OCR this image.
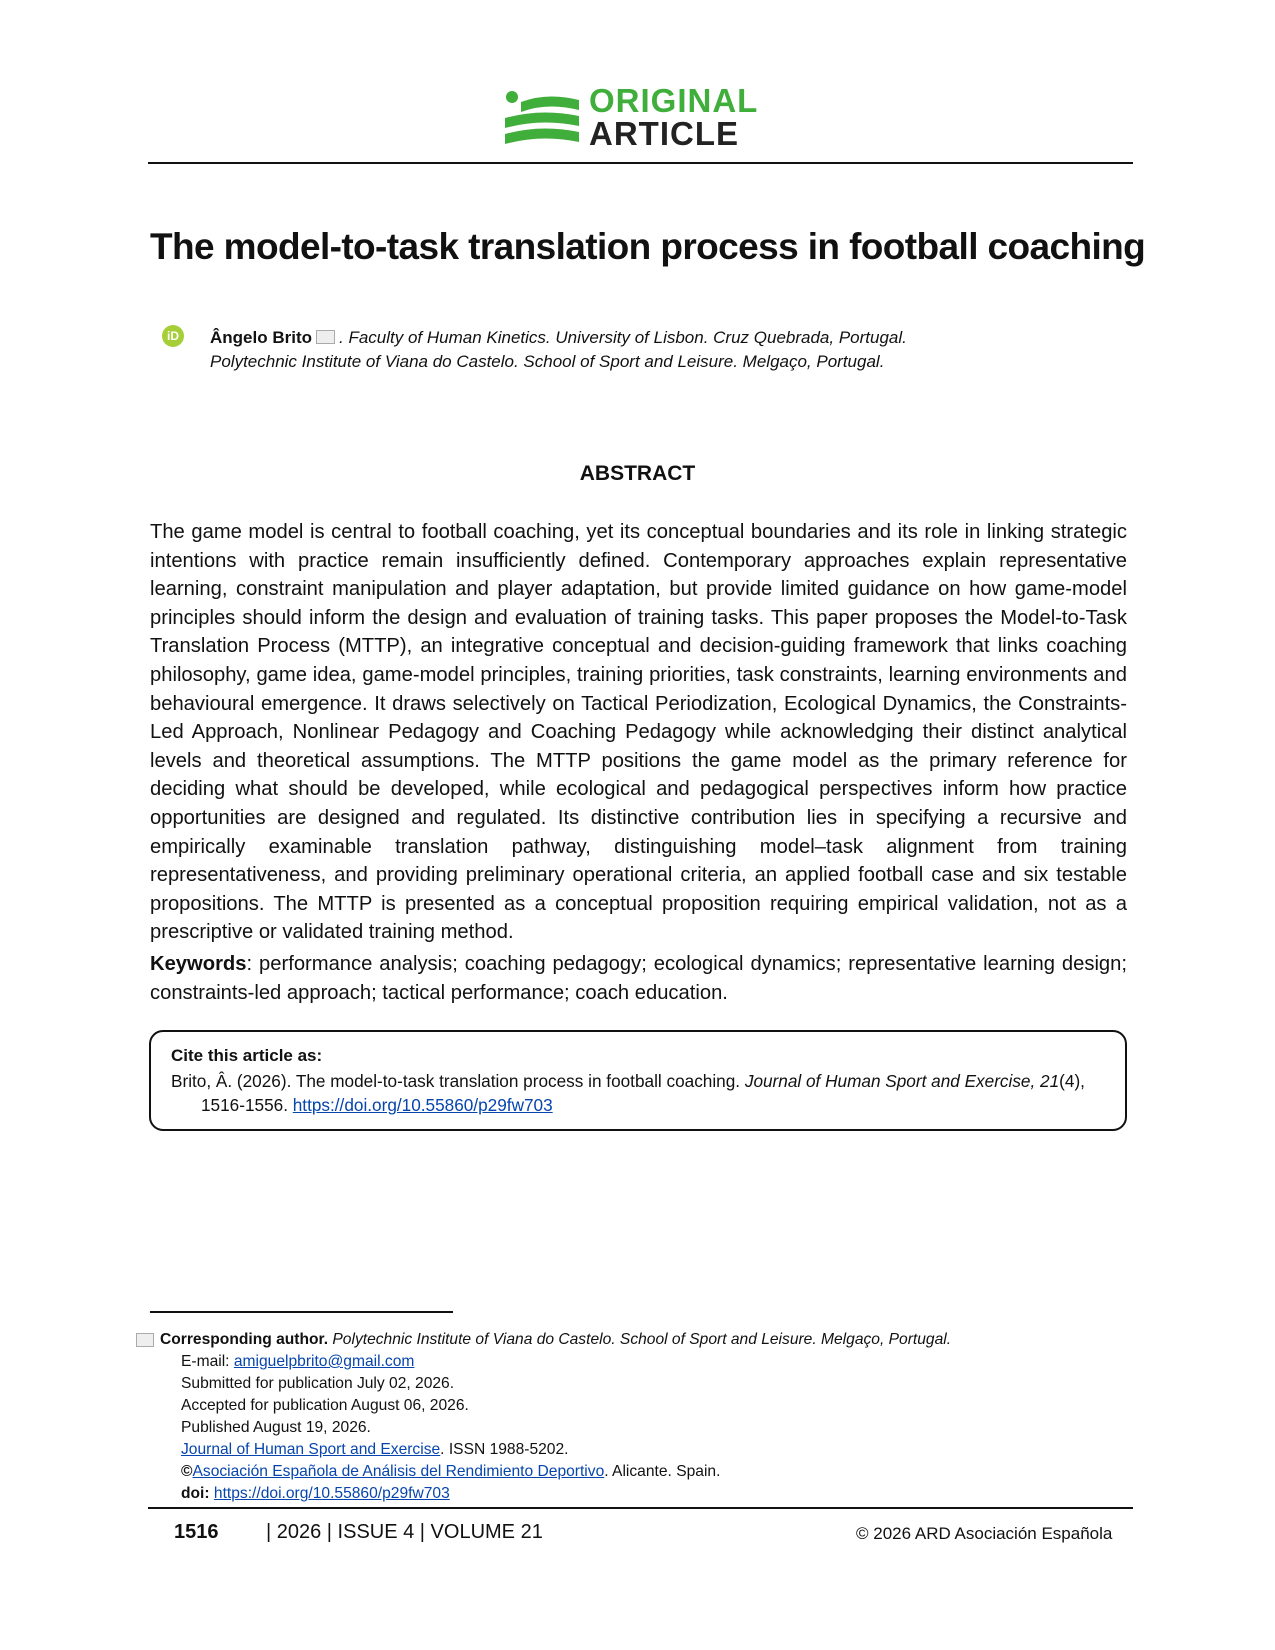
ORIGINAL
ARTICLE
The model-to-task translation process in football coaching
iD Ângelo Brito . Faculty of Human Kinetics. University of Lisbon. Cruz Quebrada, Portugal.
Polytechnic Institute of Viana do Castelo. School of Sport and Leisure. Melgaço, Portugal.
ABSTRACT
The game model is central to football coaching, yet its conceptual boundaries and its role in linking strategic intentions with practice remain insufficiently defined. Contemporary approaches explain representative learning, constraint manipulation and player adaptation, but provide limited guidance on how game-model principles should inform the design and evaluation of training tasks. This paper proposes the Model-to-Task Translation Process (MTTP), an integrative conceptual and decision-guiding framework that links coaching philosophy, game idea, game-model principles, training priorities, task constraints, learning environments and behavioural emergence. It draws selectively on Tactical Periodization, Ecological Dynamics, the Constraints-Led Approach, Nonlinear Pedagogy and Coaching Pedagogy while acknowledging their distinct analytical levels and theoretical assumptions. The MTTP positions the game model as the primary reference for deciding what should be developed, while ecological and pedagogical perspectives inform how practice opportunities are designed and regulated. Its distinctive contribution lies in specifying a recursive and empirically examinable translation pathway, distinguishing model–task alignment from training representativeness, and providing preliminary operational criteria, an applied football case and six testable propositions. The MTTP is presented as a conceptual proposition requiring empirical validation, not as a prescriptive or validated training method.
Keywords: performance analysis; coaching pedagogy; ecological dynamics; representative learning design; constraints-led approach; tactical performance; coach education.
Cite this article as:
Brito, Â. (2026). The model-to-task translation process in football coaching. Journal of Human Sport and Exercise, 21(4),
1516-1556. https://doi.org/10.55860/p29fw703
Corresponding author. Polytechnic Institute of Viana do Castelo. School of Sport and Leisure. Melgaço, Portugal.
E-mail: amiguelpbrito@gmail.com
Submitted for publication July 02, 2026.
Accepted for publication August 06, 2026.
Published August 19, 2026.
Journal of Human Sport and Exercise. ISSN 1988-5202.
©Asociación Española de Análisis del Rendimiento Deportivo. Alicante. Spain.
doi: https://doi.org/10.55860/p29fw703
1516 | 2026 | ISSUE 4 | VOLUME 21	© 2026 ARD Asociación Española
